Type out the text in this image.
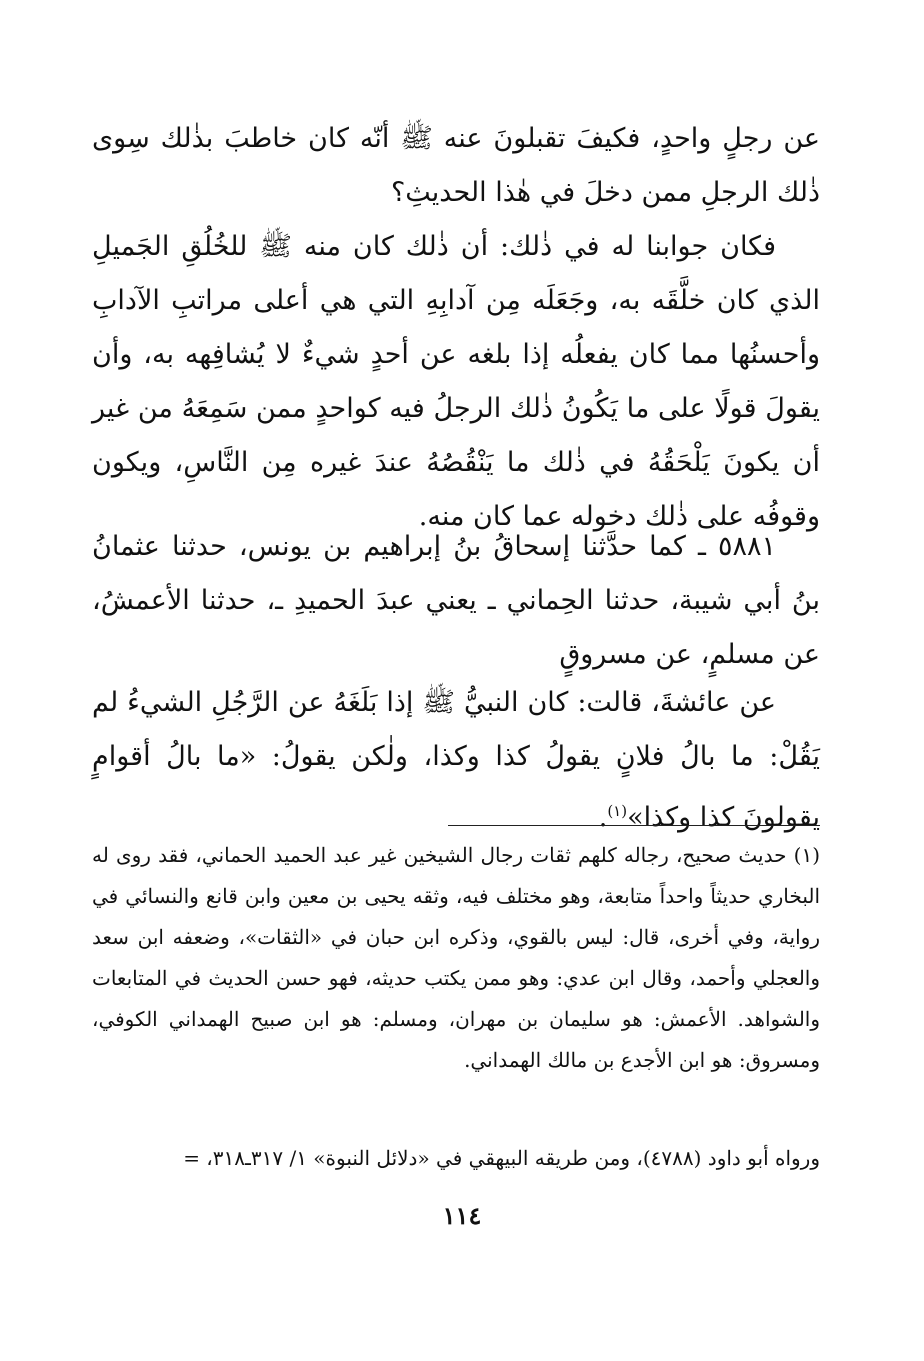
عن رجلٍ واحدٍ، فكيفَ تقبلونَ عنه ﷺ أنّه كان خاطبَ بذٰلك سِوى ذٰلك الرجلِ ممن دخلَ في هٰذا الحديثِ؟

فكان جوابنا له في ذٰلك: أن ذٰلك كان منه ﷺ للخُلُقِ الجَميلِ الذي كان خلَّقَه به، وجَعَلَه مِن آدابِهِ التي هي أعلى مراتبِ الآدابِ وأحسنُها مما كان يفعلُه إذا بلغه عن أحدٍ شيءٌ لا يُشافِهه به، وأن يقولَ قولًا على ما يَكُونُ ذٰلك الرجلُ فيه كواحدٍ ممن سَمِعَهُ من غير أن يكونَ يَلْحَقُهُ في ذٰلك ما يَنْقُصُهُ عندَ غيره مِن النَّاسِ، ويكون وقوفُه على ذٰلك دخوله عما كان منه.

٥٨٨١ ـ كما حدَّثنا إسحاقُ بنُ إبراهيم بن يونس، حدثنا عثمانُ بنُ أبي شيبة، حدثنا الحِماني ـ يعني عبدَ الحميدِ ـ، حدثنا الأعمشُ، عن مسلمٍ، عن مسروقٍ

عن عائشةَ، قالت: كان النبيُّ ﷺ إذا بَلَغَهُ عن الرَّجُلِ الشيءُ لم يَقُلْ: ما بالُ فلانٍ يقولُ كذا وكذا، ولٰكن يقولُ: «ما بالُ أقوامٍ يقولونَ كذا وكذا»$^{(١)}$.

(١) حديث صحيح، رجاله كلهم ثقات رجال الشيخين غير عبد الحميد الحماني، فقد روى له البخاري حديثاً واحداً متابعة، وهو مختلف فيه، وثقه يحيى بن معين وابن قانع والنسائي في رواية، وفي أخرى، قال: ليس بالقوي، وذكره ابن حبان في «الثقات»، وضعفه ابن سعد والعجلي وأحمد، وقال ابن عدي: وهو ممن يكتب حديثه، فهو حسن الحديث في المتابعات والشواهد. الأعمش: هو سليمان بن مهران، ومسلم: هو ابن صبيح الهمداني الكوفي، ومسروق: هو ابن الأجدع بن مالك الهمداني.

ورواه أبو داود (٤٧٨٨)، ومن طريقه البيهقي في «دلائل النبوة» ١/ ٣١٧ـ٣١٨، =

١١٤
